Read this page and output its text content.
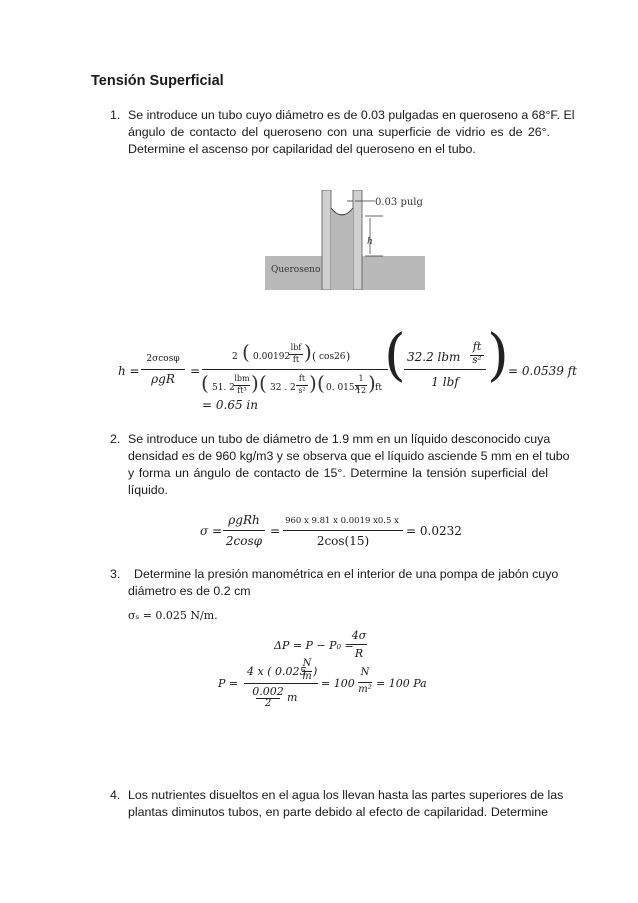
Tensión Superficial
1. Se introduce un tubo cuyo diámetro es de 0.03 pulgadas en queroseno a 68°F. El
ángulo de contacto del queroseno con una superficie de vidrio es de 26°.
Determine el ascenso por capilaridad del queroseno en el tubo.
0.03 pulg
h
Queroseno
h =
2σcosφ
ρgR
=
2 ( 0.00192
lbf
ft ) ( cos26 )
( 51. 2
lbm
ft³ ) ( 32 . 2
ft
s² ) ( 0. 015x
1
12 ) ft ( 32.2 lbm
ft
s²
1 lbf ) = 0.0539 ft
= 0.65 in
2. Se introduce un tubo de diámetro de 1.9 mm en un líquido desconocido cuya
densidad es de 960 kg/m3 y se observa que el líquido asciende 5 mm en el tubo
y forma un ángulo de contacto de 15°. Determine la tensión superficial del
líquido.
σ =
ρgRh
2cosφ
=
960 x 9.81 x 0.0019 x0.5 x
2cos(15)
= 0.0232
3.	Determine la presión manométrica en el interior de una pompa de jabón cuyo
diámetro es de 0.2 cm
σₛ = 0.025 N/m.
ΔP = P − P₀ =
4σ
R
P =
4 x ( 0.025
N
m )
0.002
2	m
= 100
N
m² = 100 Pa
4. Los nutrientes disueltos en el agua los llevan hasta las partes superiores de las
plantas diminutos tubos, en parte debido al efecto de capilaridad. Determine
